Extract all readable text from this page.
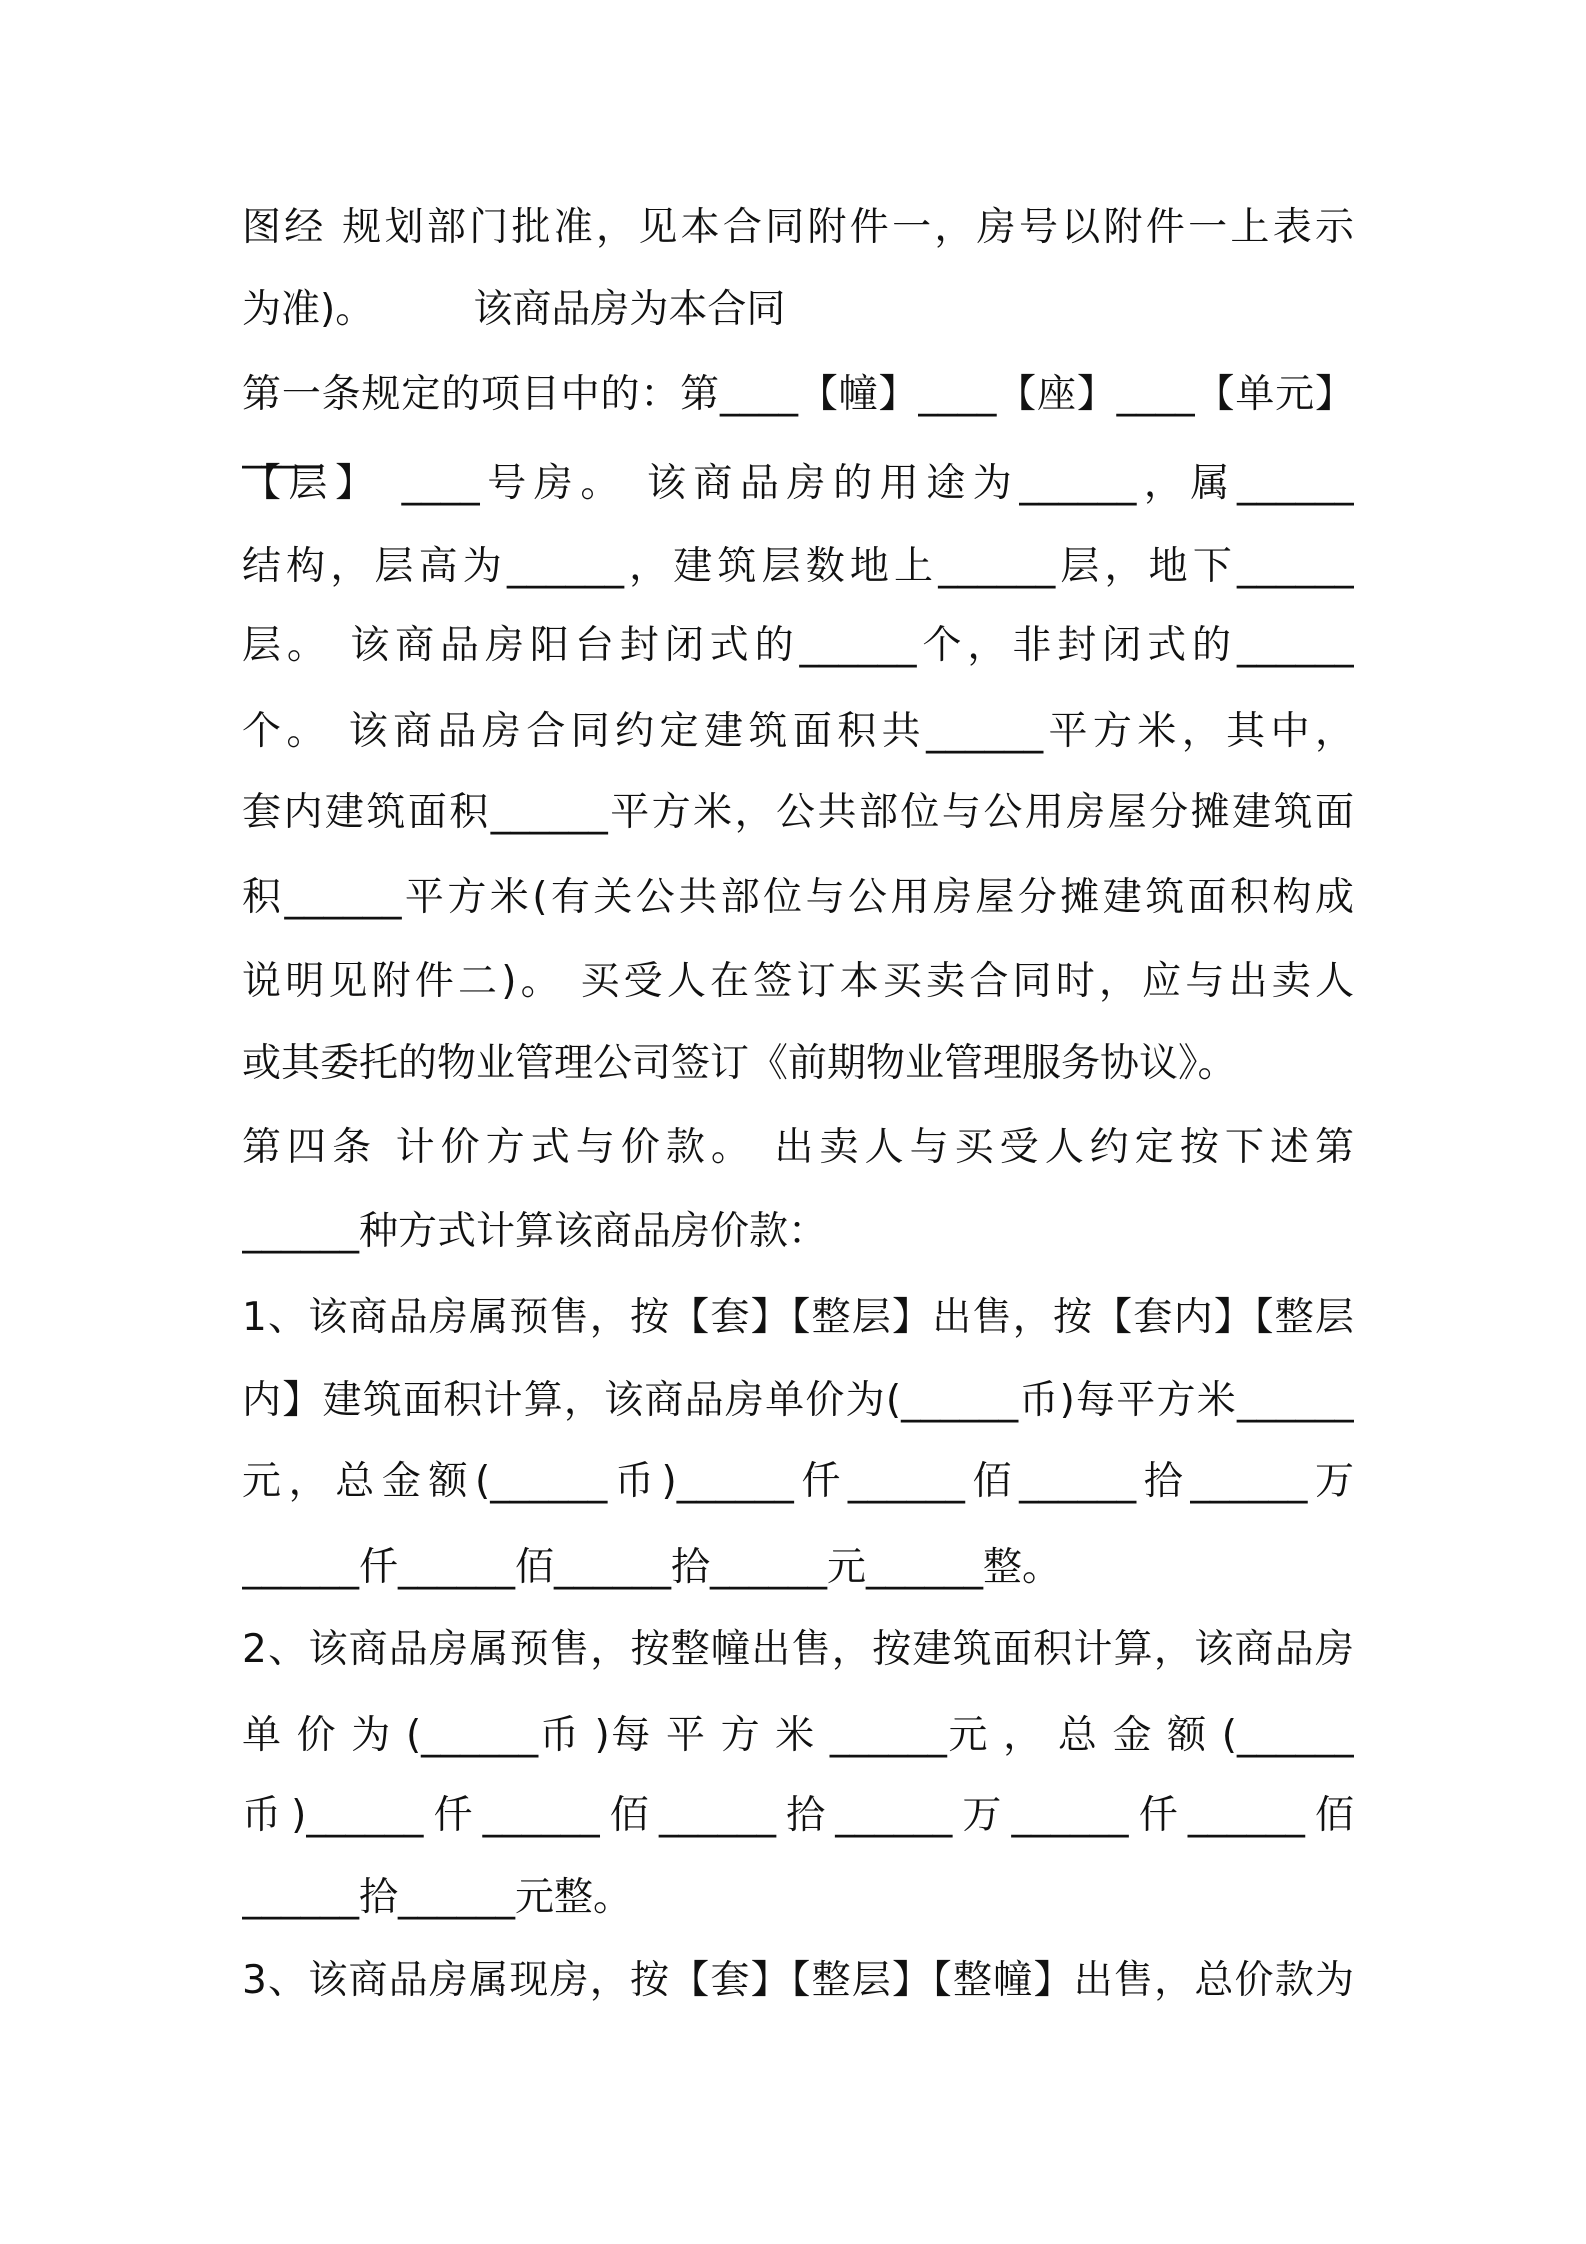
图经 规划部门批准，见本合同附件一，房号以附件一上表示
为准)。        该商品房为本合同
第一条规定的项目中的：第____【幢】____【座】____【单元】____
【层】 ____号房。 该商品房的用途为______，属______
结构，层高为______，建筑层数地上______层，地下______
层。 该商品房阳台封闭式的______个，非封闭式的______
个。 该商品房合同约定建筑面积共______平方米，其中，
套内建筑面积______平方米，公共部位与公用房屋分摊建筑面
积______平方米(有关公共部位与公用房屋分摊建筑面积构成
说明见附件二)。 买受人在签订本买卖合同时，应与出卖人
或其委托的物业管理公司签订《前期物业管理服务协议》。
第四条 计价方式与价款。 出卖人与买受人约定按下述第
______种方式计算该商品房价款：
1、该商品房属预售，按【套】【整层】出售，按【套内】【整层
内】建筑面积计算，该商品房单价为(______币)每平方米______
元，总金额(______币)______仟______佰______拾______万
______仟______佰______拾______元______整。
2、该商品房属预售，按整幢出售，按建筑面积计算，该商品房
单 价 为 (______币 )每 平 方 米 ______元 ， 总 金 额 (______
币)______仟______佰______拾______万______仟______佰
______拾______元整。
3、该商品房属现房，按【套】【整层】【整幢】出售，总价款为
